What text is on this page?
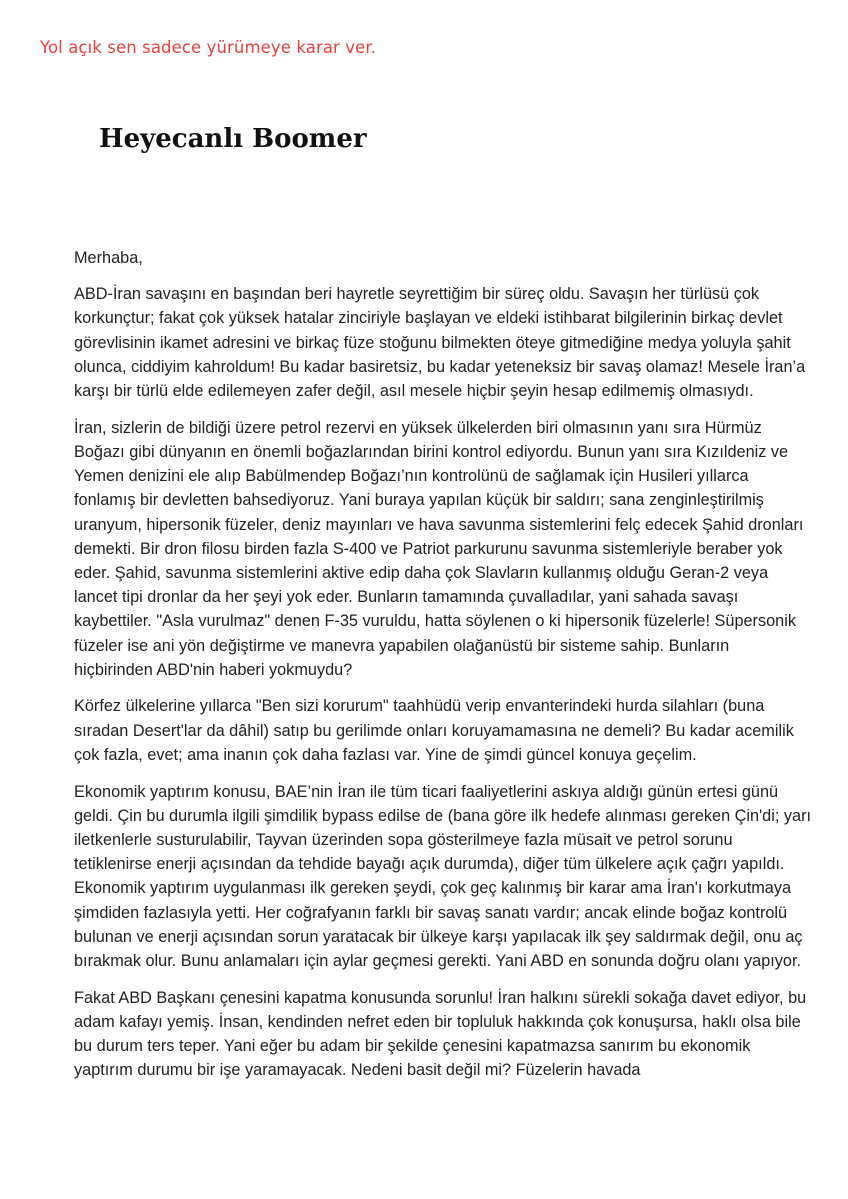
Yol açık sen sadece yürümeye karar ver.
Heyecanlı Boomer

Merhaba,

ABD-İran savaşını en başından beri hayretle seyrettiğim bir süreç oldu. Savaşın her türlüsü çok korkunçtur; fakat çok yüksek hatalar zinciriyle başlayan ve eldeki istihbarat bilgilerinin birkaç devlet görevlisinin ikamet adresini ve birkaç füze stoğunu bilmekten öteye gitmediğine medya yoluyla şahit olunca, ciddiyim kahroldum! Bu kadar basiretsiz, bu kadar yeteneksiz bir savaş olamaz! Mesele İran’a karşı bir türlü elde edilemeyen zafer değil, asıl mesele hiçbir şeyin hesap edilmemiş olmasıydı.

İran, sizlerin de bildiği üzere petrol rezervi en yüksek ülkelerden biri olmasının yanı sıra Hürmüz Boğazı gibi dünyanın en önemli boğazlarından birini kontrol ediyordu. Bunun yanı sıra Kızıldeniz ve Yemen denizini ele alıp Babülmendep Boğazı’nın kontrolünü de sağlamak için Husileri yıllarca fonlamış bir devletten bahsediyoruz. Yani buraya yapılan küçük bir saldırı; sana zenginleştirilmiş uranyum, hipersonik füzeler, deniz mayınları ve hava savunma sistemlerini felç edecek Şahid dronları demekti. Bir dron filosu birden fazla S-400 ve Patriot parkurunu savunma sistemleriyle beraber yok eder. Şahid, savunma sistemlerini aktive edip daha çok Slavların kullanmış olduğu Geran-2 veya lancet tipi dronlar da her şeyi yok eder. Bunların tamamında çuvalladılar, yani sahada savaşı kaybettiler. "Asla vurulmaz" denen F-35 vuruldu, hatta söylenen o ki hipersonik füzelerle! Süpersonik füzeler ise ani yön değiştirme ve manevra yapabilen olağanüstü bir sisteme sahip. Bunların hiçbirinden ABD'nin haberi yokmuydu?

Körfez ülkelerine yıllarca "Ben sizi korurum" taahhüdü verip envanterindeki hurda silahları (buna sıradan Desert'lar da dâhil) satıp bu gerilimde onları koruyamamasına ne demeli? Bu kadar acemilik çok fazla, evet; ama inanın çok daha fazlası var. Yine de şimdi güncel konuya geçelim.

Ekonomik yaptırım konusu, BAE’nin İran ile tüm ticari faaliyetlerini askıya aldığı günün ertesi günü geldi. Çin bu durumla ilgili şimdilik bypass edilse de (bana göre ilk hedefe alınması gereken Çin'di; yarı iletkenlerle susturulabilir, Tayvan üzerinden sopa gösterilmeye fazla müsait ve petrol sorunu tetiklenirse enerji açısından da tehdide bayağı açık durumda), diğer tüm ülkelere açık çağrı yapıldı. Ekonomik yaptırım uygulanması ilk gereken şeydi, çok geç kalınmış bir karar ama İran'ı korkutmaya şimdiden fazlasıyla yetti. Her coğrafyanın farklı bir savaş sanatı vardır; ancak elinde boğaz kontrolü bulunan ve enerji açısından sorun yaratacak bir ülkeye karşı yapılacak ilk şey saldırmak değil, onu aç bırakmak olur. Bunu anlamaları için aylar geçmesi gerekti. Yani ABD en sonunda doğru olanı yapıyor.

Fakat ABD Başkanı çenesini kapatma konusunda sorunlu! İran halkını sürekli sokağa davet ediyor, bu adam kafayı yemiş. İnsan, kendinden nefret eden bir topluluk hakkında çok konuşursa, haklı olsa bile bu durum ters teper. Yani eğer bu adam bir şekilde çenesini kapatmazsa sanırım bu ekonomik yaptırım durumu bir işe yaramayacak. Nedeni basit değil mi? Füzelerin havada
